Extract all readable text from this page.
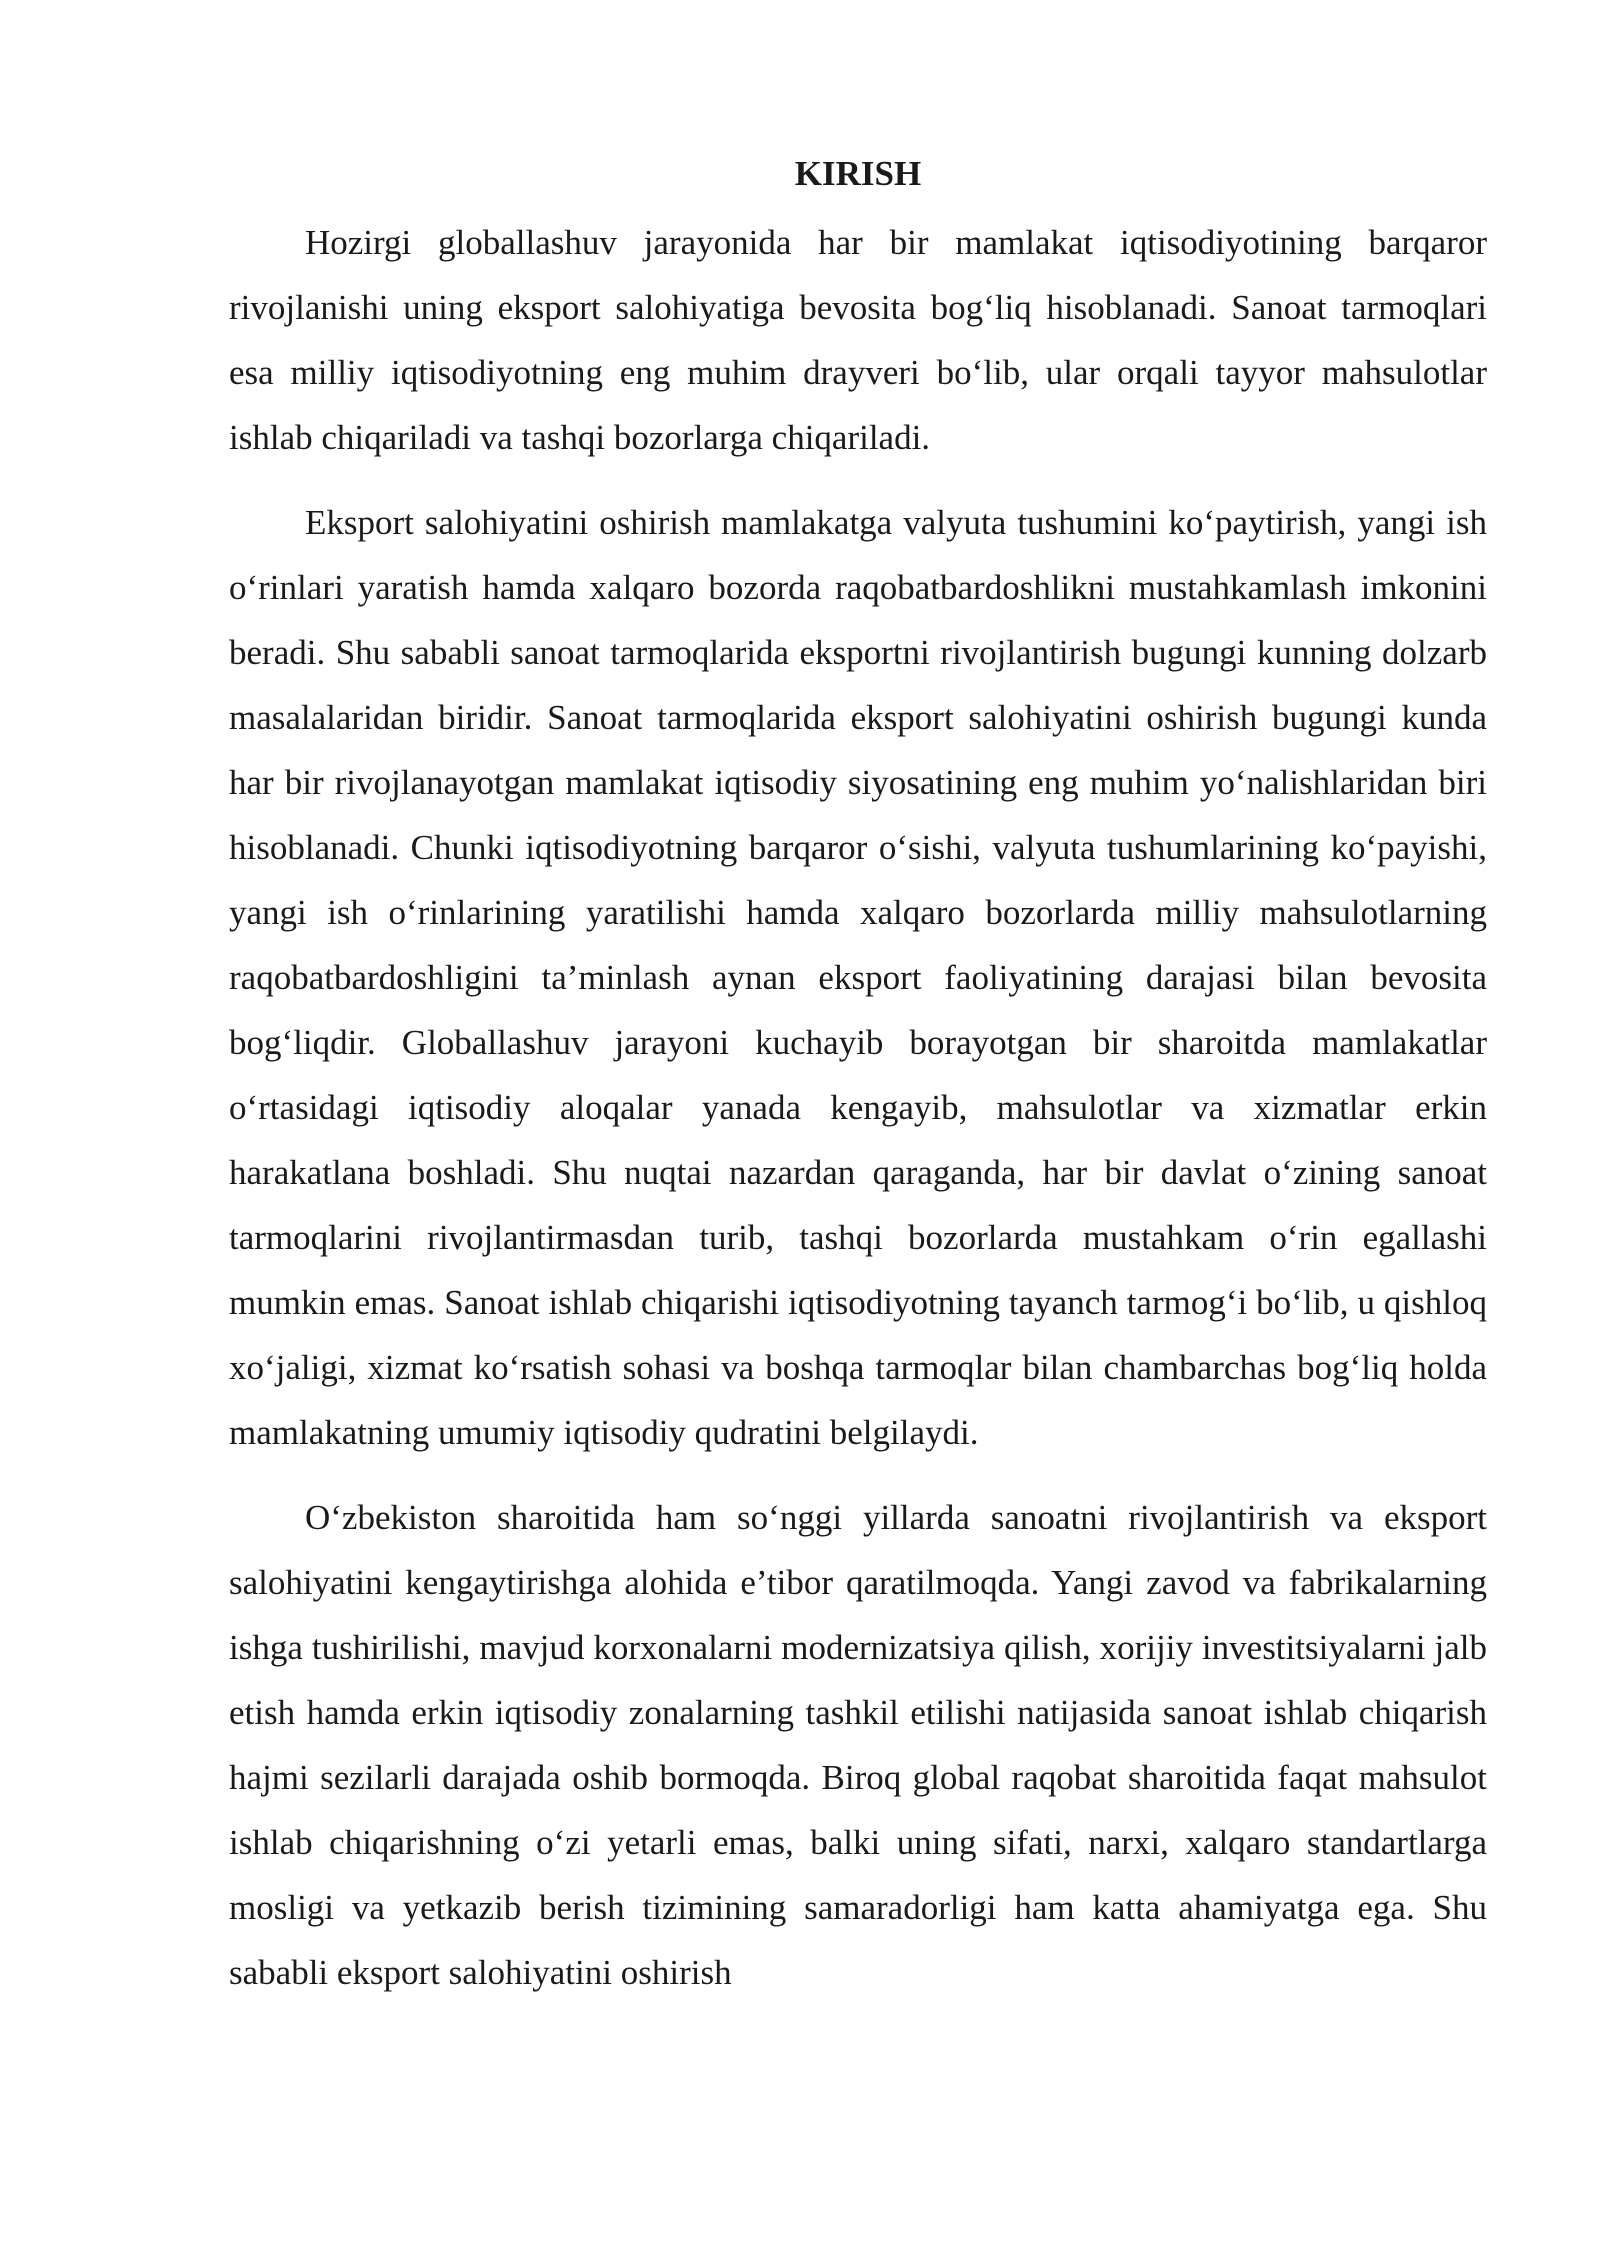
KIRISH

Hozirgi globallashuv jarayonida har bir mamlakat iqtisodiyotining barqaror rivojlanishi uning eksport salohiyatiga bevosita bog‘liq hisoblanadi. Sanoat tarmoqlari esa milliy iqtisodiyotning eng muhim drayveri bo‘lib, ular orqali tayyor mahsulotlar ishlab chiqariladi va tashqi bozorlarga chiqariladi.

Eksport salohiyatini oshirish mamlakatga valyuta tushumini ko‘paytirish, yangi ish o‘rinlari yaratish hamda xalqaro bozorda raqobatbardoshlikni mustahkamlash imkonini beradi. Shu sababli sanoat tarmoqlarida eksportni rivojlantirish bugungi kunning dolzarb masalalaridan biridir. Sanoat tarmoqlarida eksport salohiyatini oshirish bugungi kunda har bir rivojlanayotgan mamlakat iqtisodiy siyosatining eng muhim yo‘nalishlaridan biri hisoblanadi. Chunki iqtisodiyotning barqaror o‘sishi, valyuta tushumlarining ko‘payishi, yangi ish o‘rinlarining yaratilishi hamda xalqaro bozorlarda milliy mahsulotlarning raqobatbardoshligini ta’minlash aynan eksport faoliyatining darajasi bilan bevosita bog‘liqdir. Globallashuv jarayoni kuchayib borayotgan bir sharoitda mamlakatlar o‘rtasidagi iqtisodiy aloqalar yanada kengayib, mahsulotlar va xizmatlar erkin harakatlana boshladi. Shu nuqtai nazardan qaraganda, har bir davlat o‘zining sanoat tarmoqlarini rivojlantirmasdan turib, tashqi bozorlarda mustahkam o‘rin egallashi mumkin emas. Sanoat ishlab chiqarishi iqtisodiyotning tayanch tarmog‘i bo‘lib, u qishloq xo‘jaligi, xizmat ko‘rsatish sohasi va boshqa tarmoqlar bilan chambarchas bog‘liq holda mamlakatning umumiy iqtisodiy qudratini belgilaydi.

O‘zbekiston sharoitida ham so‘nggi yillarda sanoatni rivojlantirish va eksport salohiyatini kengaytirishga alohida e’tibor qaratilmoqda. Yangi zavod va fabrikalarning ishga tushirilishi, mavjud korxonalarni modernizatsiya qilish, xorijiy investitsiyalarni jalb etish hamda erkin iqtisodiy zonalarning tashkil etilishi natijasida sanoat ishlab chiqarish hajmi sezilarli darajada oshib bormoqda. Biroq global raqobat sharoitida faqat mahsulot ishlab chiqarishning o‘zi yetarli emas, balki uning sifati, narxi, xalqaro standartlarga mosligi va yetkazib berish tizimining samaradorligi ham katta ahamiyatga ega. Shu sababli eksport salohiyatini oshirish
